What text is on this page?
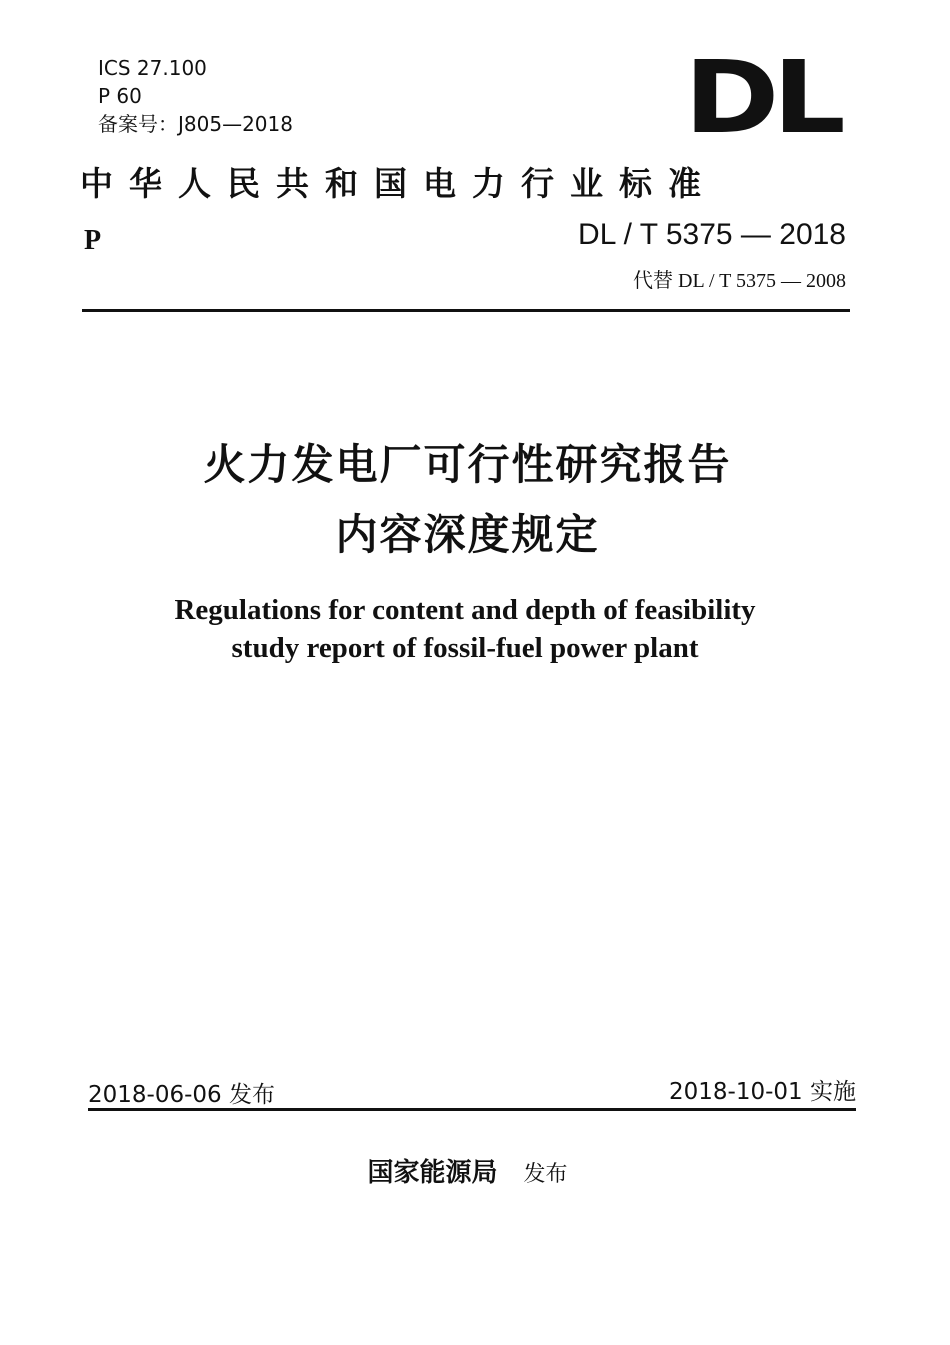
ICS 27.100
P 60
备案号：J805—2018	DL
中华人民共和国电力行业标准
P	DL / T 5375 — 2018
代替 DL / T 5375 — 2008
火力发电厂可行性研究报告
内容深度规定
Regulations for content and depth of feasibility
study report of fossil-fuel power plant
2018-06-06 发布	2018-10-01 实施
国家能源局 发布
